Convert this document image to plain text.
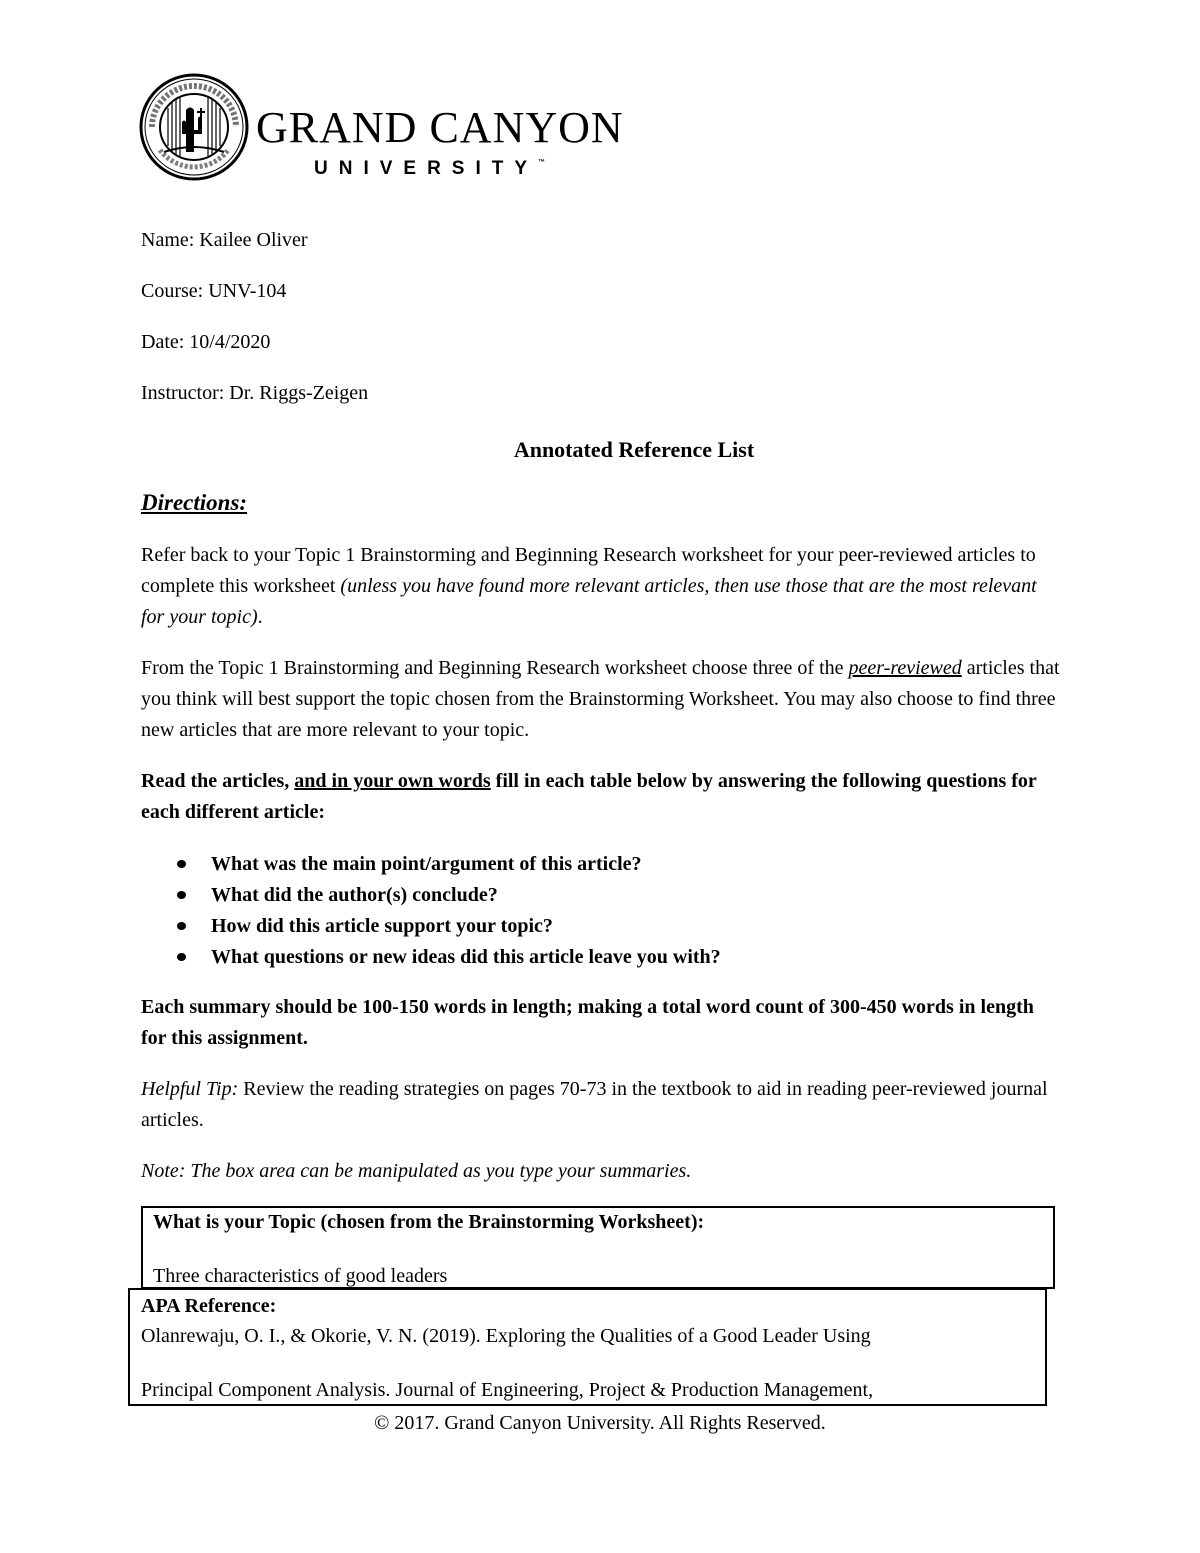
GRAND CANYON
UNIVERSITY™
Name: Kailee Oliver
Course: UNV-104
Date: 10/4/2020
Instructor: Dr. Riggs-Zeigen
Annotated Reference List
Directions:
Refer back to your Topic 1 Brainstorming and Beginning Research worksheet for your peer-reviewed articles to complete this worksheet (unless you have found more relevant articles, then use those that are the most relevant for your topic).
From the Topic 1 Brainstorming and Beginning Research worksheet choose three of the peer-reviewed articles that you think will best support the topic chosen from the Brainstorming Worksheet. You may also choose to find three new articles that are more relevant to your topic.
Read the articles, and in your own words fill in each table below by answering the following questions for each different article:
What was the main point/argument of this article?
What did the author(s) conclude?
How did this article support your topic?
What questions or new ideas did this article leave you with?
Each summary should be 100-150 words in length; making a total word count of 300-450 words in length for this assignment.
Helpful Tip: Review the reading strategies on pages 70-73 in the textbook to aid in reading peer-reviewed journal articles.
Note: The box area can be manipulated as you type your summaries.
What is your Topic (chosen from the Brainstorming Worksheet):
Three characteristics of good leaders
APA Reference:
Olanrewaju, O. I., & Okorie, V. N. (2019). Exploring the Qualities of a Good Leader Using
Principal Component Analysis. Journal of Engineering, Project & Production Management,
© 2017. Grand Canyon University. All Rights Reserved.
